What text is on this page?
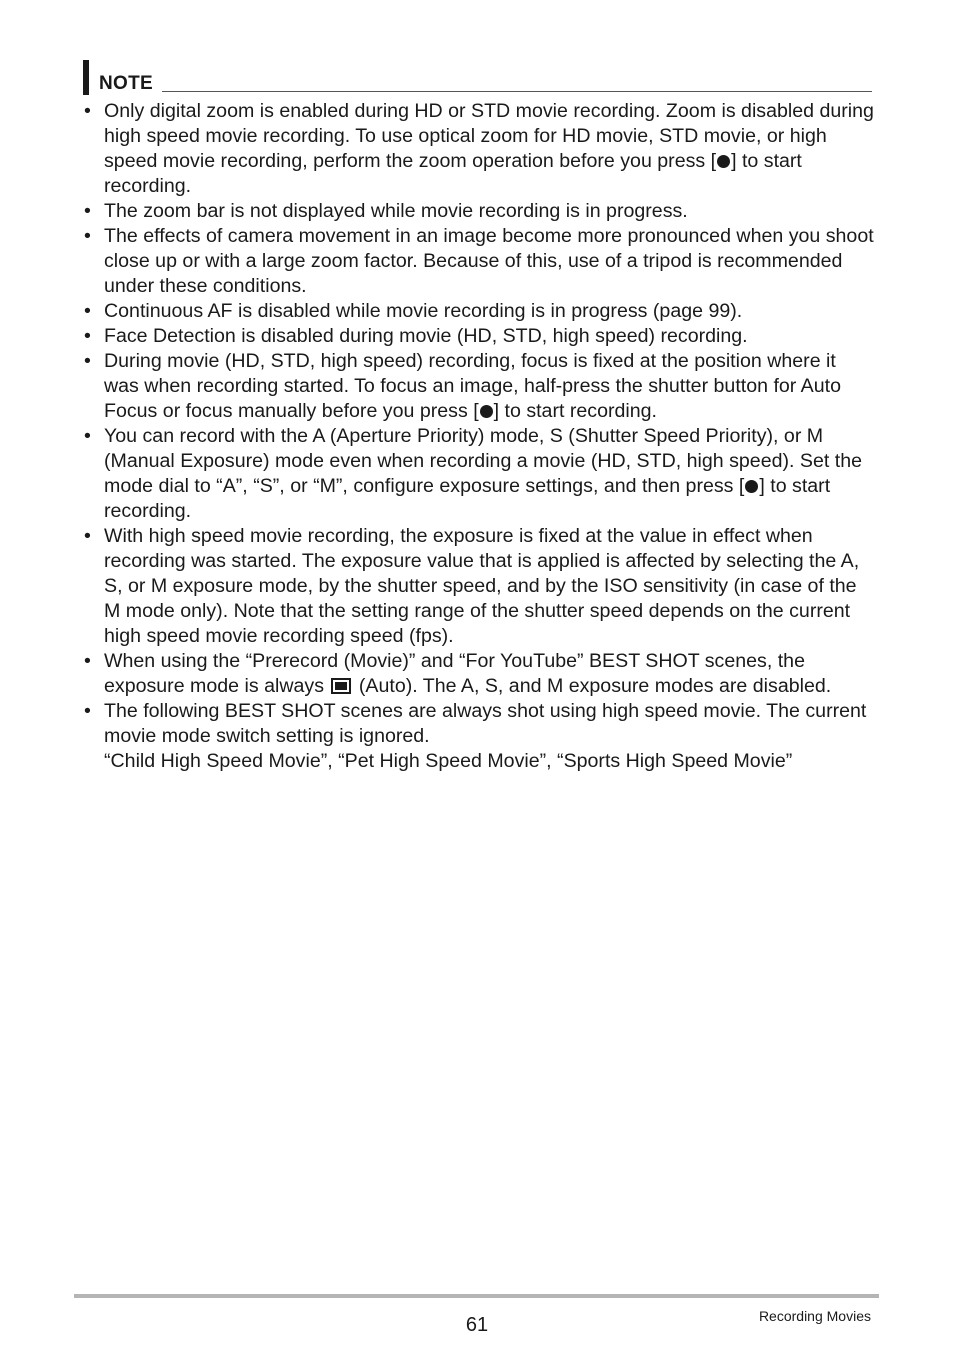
NOTE
• Only digital zoom is enabled during HD or STD movie recording. Zoom is disabled during high speed movie recording. To use optical zoom for HD movie, STD movie, or high speed movie recording, perform the zoom operation before you press [ ] to start recording.
• The zoom bar is not displayed while movie recording is in progress.
• The effects of camera movement in an image become more pronounced when you shoot close up or with a large zoom factor. Because of this, use of a tripod is recommended under these conditions.
• Continuous AF is disabled while movie recording is in progress (page 99).
• Face Detection is disabled during movie (HD, STD, high speed) recording.
• During movie (HD, STD, high speed) recording, focus is fixed at the position where it was when recording started. To focus an image, half-press the shutter button for Auto Focus or focus manually before you press [ ] to start recording.
• You can record with the A (Aperture Priority) mode, S (Shutter Speed Priority), or M (Manual Exposure) mode even when recording a movie (HD, STD, high speed). Set the mode dial to “A”, “S”, or “M”, configure exposure settings, and then press [ ] to start recording.
• With high speed movie recording, the exposure is fixed at the value in effect when recording was started. The exposure value that is applied is affected by selecting the A, S, or M exposure mode, by the shutter speed, and by the ISO sensitivity (in case of the M mode only). Note that the setting range of the shutter speed depends on the current high speed movie recording speed (fps).
• When using the “Prerecord (Movie)” and “For YouTube” BEST SHOT scenes, the exposure mode is always  (Auto). The A, S, and M exposure modes are disabled.
• The following BEST SHOT scenes are always shot using high speed movie. The current movie mode switch setting is ignored.
“Child High Speed Movie”, “Pet High Speed Movie”, “Sports High Speed Movie”
61	Recording Movies
